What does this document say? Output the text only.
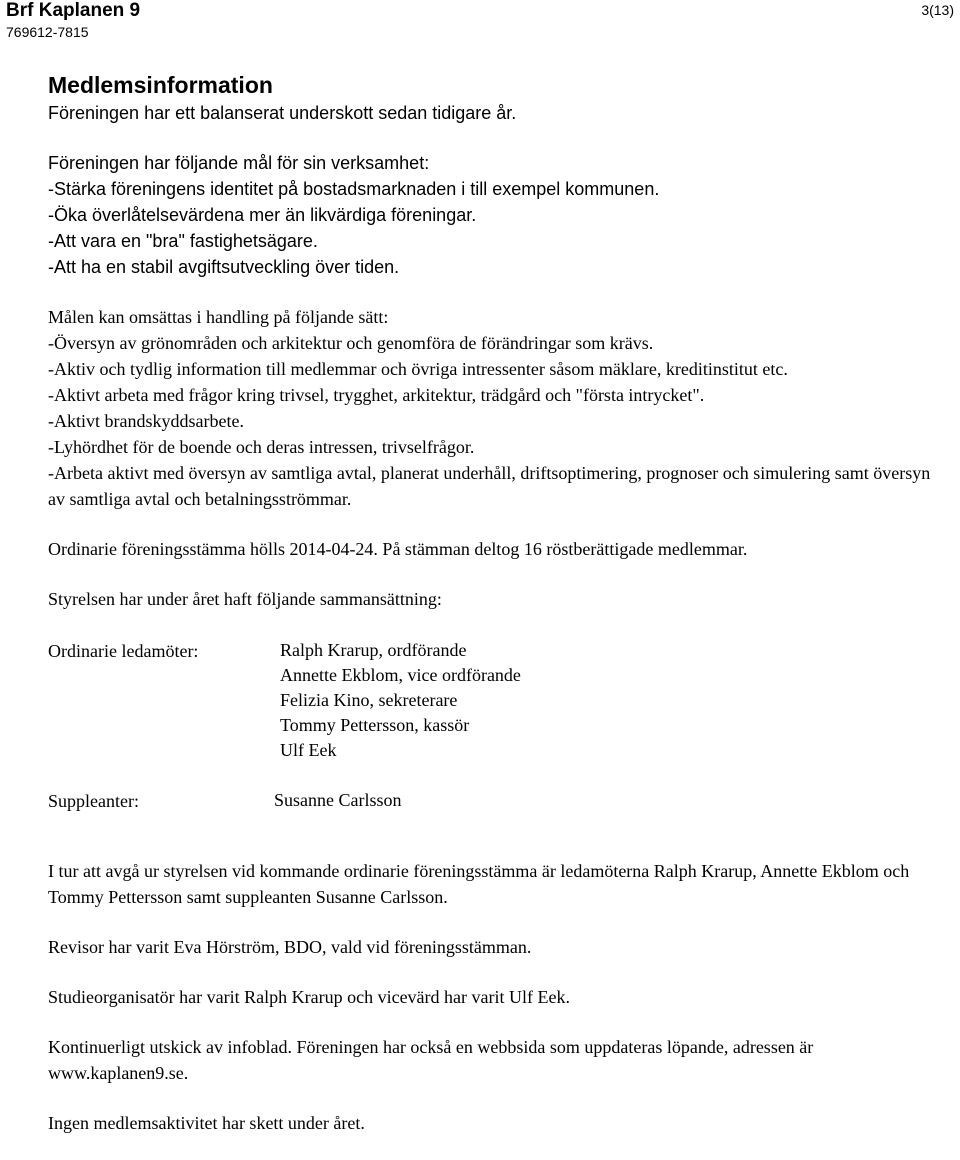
Brf Kaplanen 9
769612-7815
3(13)
Medlemsinformation

Föreningen har ett balanserat underskott sedan tidigare år.

Föreningen har följande mål för sin verksamhet:
-Stärka föreningens identitet på bostadsmarknaden i till exempel kommunen.
-Öka överlåtelsevärdena mer än likvärdiga föreningar.
-Att vara en "bra" fastighetsägare.
-Att ha en stabil avgiftsutveckling över tiden.
Målen kan omsättas i handling på följande sätt:
-Översyn av grönområden och arkitektur och genomföra de förändringar som krävs.
-Aktiv och tydlig information till medlemmar och övriga intressenter såsom mäklare, kreditinstitut etc.
-Aktivt arbeta med frågor kring trivsel, trygghet, arkitektur, trädgård och "första intrycket".
-Aktivt brandskyddsarbete.
-Lyhördhet för de boende och deras intressen, trivselfrågor.
-Arbeta aktivt med översyn av samtliga avtal, planerat underhåll, driftsoptimering, prognoser och simulering samt översyn av samtliga avtal och betalningsströmmar.

Ordinarie föreningsstämma hölls 2014-04-24. På stämman deltog 16 röstberättigade medlemmar.

Styrelsen har under året haft följande sammansättning:

Ordinarie ledamöter:	Ralph Krarup, ordförande
Annette Ekblom, vice ordförande
Felizia Kino, sekreterare
Tommy Pettersson, kassör
Ulf Eek
Suppleanter:	Susanne Carlsson

I tur att avgå ur styrelsen vid kommande ordinarie föreningsstämma är ledamöterna Ralph Krarup, Annette Ekblom och Tommy Pettersson samt suppleanten Susanne Carlsson.

Revisor har varit Eva Hörström, BDO, vald vid föreningsstämman.

Studieorganisatör har varit Ralph Krarup och vicevärd har varit Ulf Eek.

Kontinuerligt utskick av infoblad. Föreningen har också en webbsida som uppdateras löpande, adressen är www.kaplanen9.se.

Ingen medlemsaktivitet har skett under året.
